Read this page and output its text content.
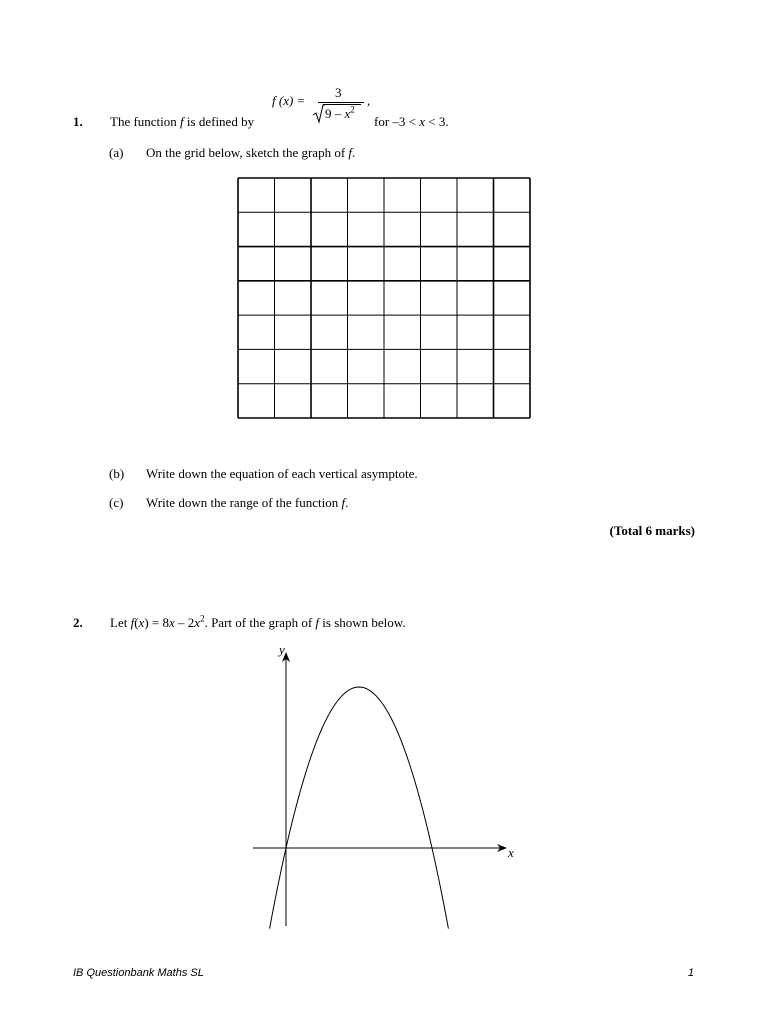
f (x) =
3
,
$9 - x^2$
1. The function f is defined by	for –3 < x < 3.
(a) On the grid below, sketch the graph of f.
(b) Write down the equation of each vertical asymptote.
(c) Write down the range of the function f.
(Total 6 marks)
2. Let $f(x) = 8x - 2x^2$. Part of the graph of f is shown below.
x
y
IB Questionbank Maths SL	1
